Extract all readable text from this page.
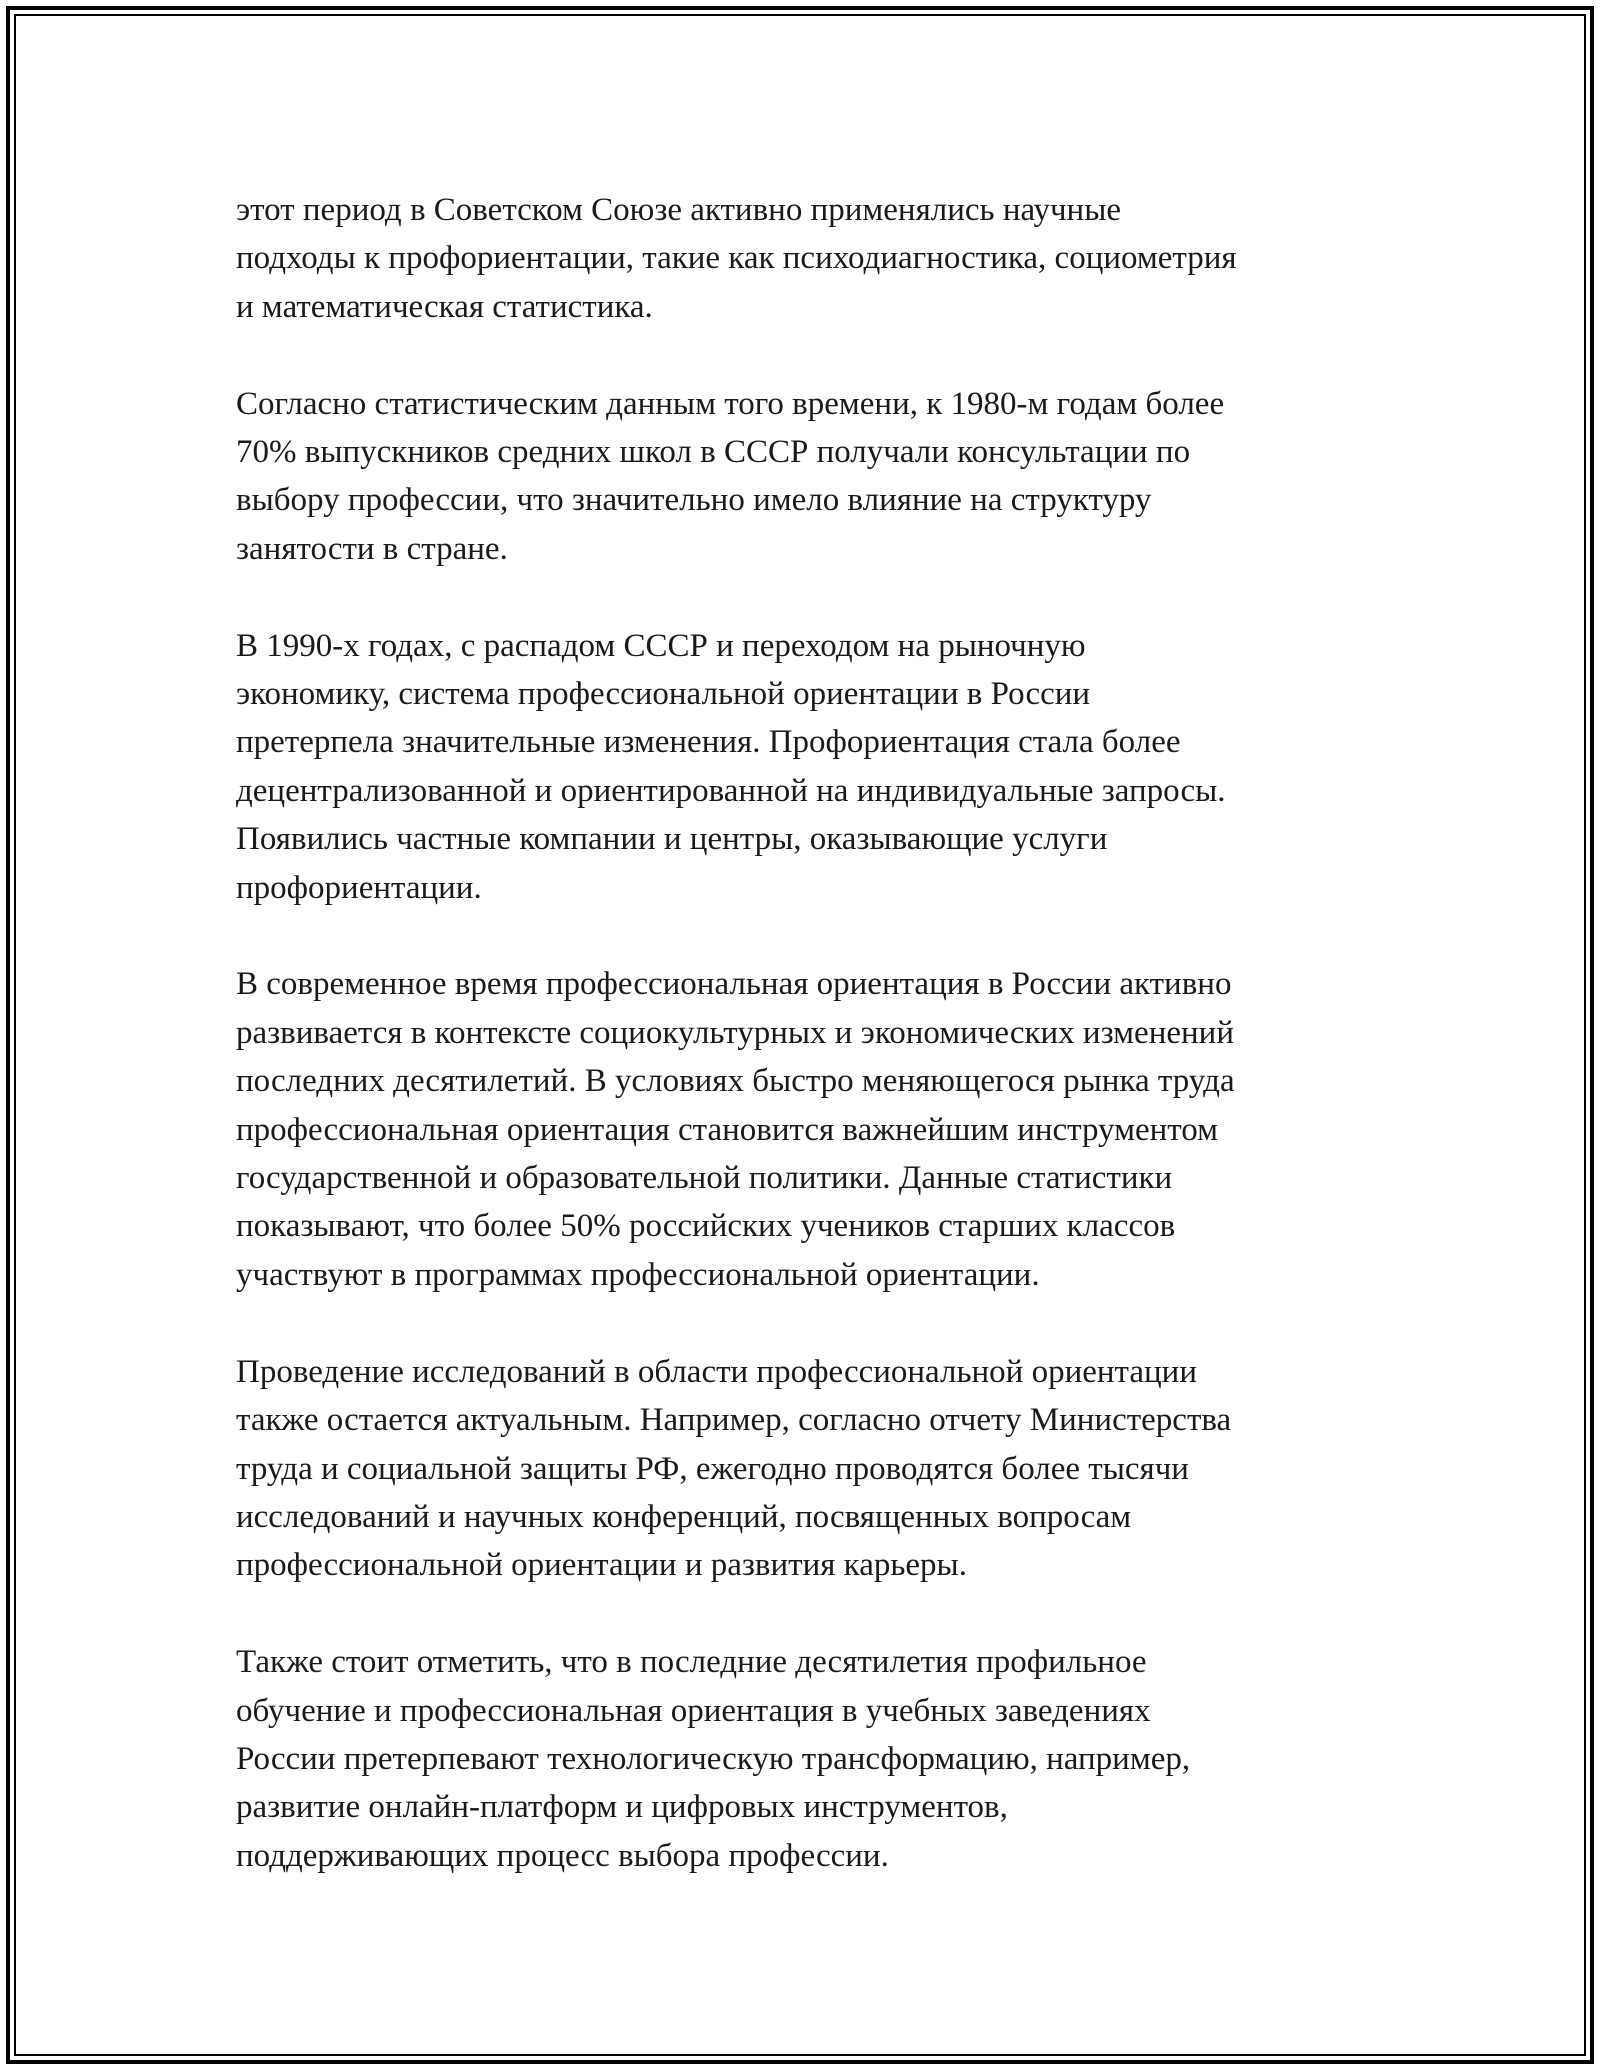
этот период в Советском Союзе активно применялись научные
подходы к профориентации, такие как психодиагностика, социометрия
и математическая статистика.

Согласно статистическим данным того времени, к 1980-м годам более
70% выпускников средних школ в СССР получали консультации по
выбору профессии, что значительно имело влияние на структуру
занятости в стране.

В 1990-х годах, с распадом СССР и переходом на рыночную
экономику, система профессиональной ориентации в России
претерпела значительные изменения. Профориентация стала более
децентрализованной и ориентированной на индивидуальные запросы.
Появились частные компании и центры, оказывающие услуги
профориентации.

В современное время профессиональная ориентация в России активно
развивается в контексте социокультурных и экономических изменений
последних десятилетий. В условиях быстро меняющегося рынка труда
профессиональная ориентация становится важнейшим инструментом
государственной и образовательной политики. Данные статистики
показывают, что более 50% российских учеников старших классов
участвуют в программах профессиональной ориентации.

Проведение исследований в области профессиональной ориентации
также остается актуальным. Например, согласно отчету Министерства
труда и социальной защиты РФ, ежегодно проводятся более тысячи
исследований и научных конференций, посвященных вопросам
профессиональной ориентации и развития карьеры.

Также стоит отметить, что в последние десятилетия профильное
обучение и профессиональная ориентация в учебных заведениях
России претерпевают технологическую трансформацию, например,
развитие онлайн-платформ и цифровых инструментов,
поддерживающих процесс выбора профессии.
